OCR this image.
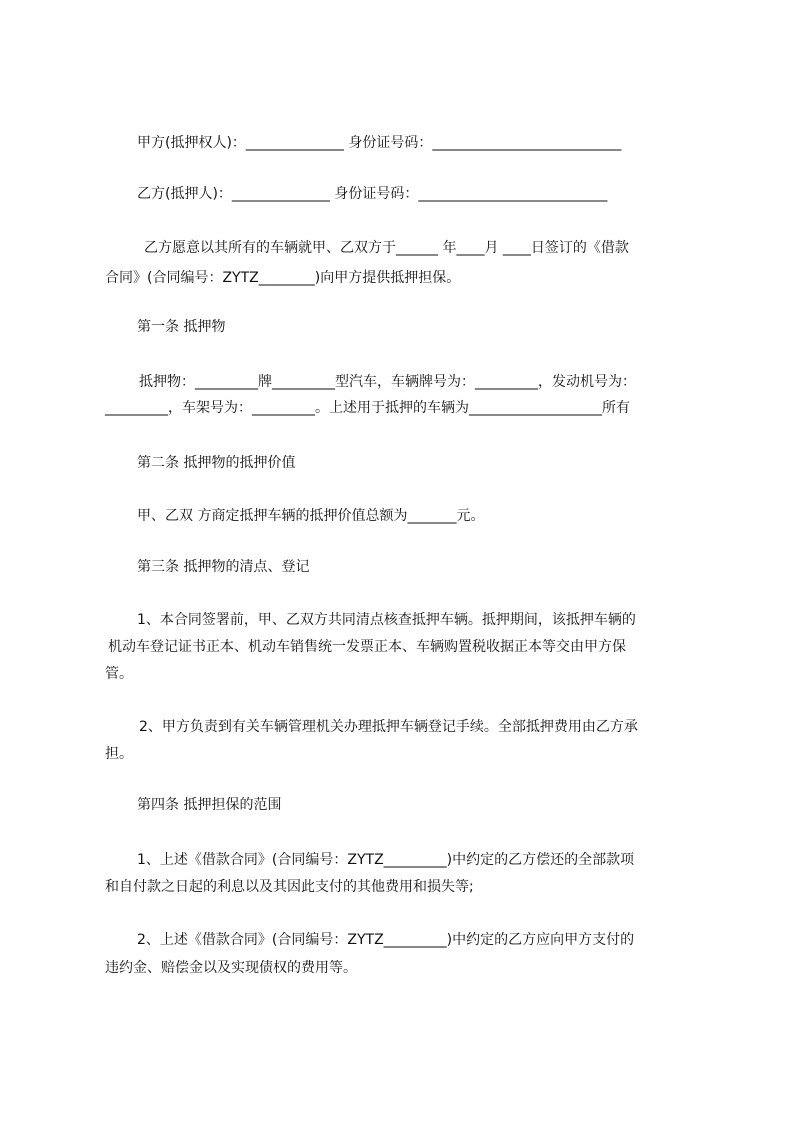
甲方(抵押权人)：______________ 身份证号码：___________________________
乙方(抵押人)：______________ 身份证号码：___________________________
乙方愿意以其所有的车辆就甲、乙双方于______ 年____月 ____日签订的《借款
合同》(合同编号：ZYTZ________)向甲方提供抵押担保。
第一条 抵押物
抵押物：_________牌_________型汽车，车辆牌号为：_________，发动机号为：
_________，车架号为：_________。上述用于抵押的车辆为___________________所有
第二条 抵押物的抵押价值
甲、乙双 方商定抵押车辆的抵押价值总额为_______元。
第三条 抵押物的清点、登记
1、本合同签署前，甲、乙双方共同清点核查抵押车辆。抵押期间，该抵押车辆的
机动车登记证书正本、机动车销售统一发票正本、车辆购置税收据正本等交由甲方保
管。
2、甲方负责到有关车辆管理机关办理抵押车辆登记手续。全部抵押费用由乙方承
担。
第四条 抵押担保的范围
1、上述《借款合同》(合同编号：ZYTZ_________)中约定的乙方偿还的全部款项
和自付款之日起的利息以及其因此支付的其他费用和损失等;
2、上述《借款合同》(合同编号：ZYTZ_________)中约定的乙方应向甲方支付的
违约金、赔偿金以及实现债权的费用等。
